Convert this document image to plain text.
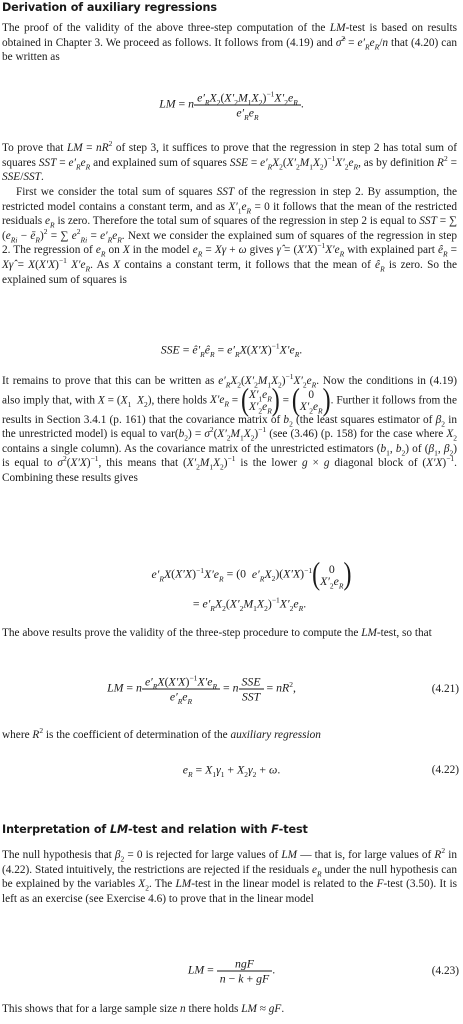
Derivation of auxiliary regressions
The proof of the validity of the above three-step computation of the LM-test is based on results obtained in Chapter 3. We proceed as follows. It follows from (4.19) and σ̂$^2$ = $e'_Re_R/n$ that (4.20) can be written as
LM = n $\frac{e'_RX_2(X'_2M_1X_2)^{-1}X'_2e_R}{e'_Re_R}$ .
To prove that LM = $nR^2$ of step 3, it suffices to prove that the regression in step 2 has total sum of squares SST = $e'_Re_R$ and explained sum of squares SSE = $e'_RX_2(X'_2M_1X_2)^{-1}X'_2e_R$, as by definition $R^2 = SSE/SST$.
First we consider the total sum of squares SST of the regression in step 2. By assumption, the restricted model contains a constant term, and as $X'_1e_R = 0$ it follows that the mean of the restricted residuals $e_R$ is zero. Therefore the total sum of squares of the regression in step 2 is equal to SST = ∑ ($e_{Ri}$ − $ē_R)^2$ = ∑ $e^2_{Ri} = e'_Re_R$. Next we consider the explained sum of squares of the regression in step 2. The regression of $e_R$ on X in the model $e_R = X\gamma + \omega$ gives γ̂ = $(X'X)^{-1}X'e_R$ with explained part $ê_R$ = Xγ̂ = $X(X'X)^{-1}$ $X'e_R$. As X contains a constant term, it follows that the mean of $ê_R$ is zero. So the explained sum of squares is
SSE = $ê'_Rê_R = e'_RX(X'X)^{-1}X'e_R$.
It remains to prove that this can be written as $e'_RX_2(X'_2M_1X_2)^{-1}X'_2e_R$. Now the conditions in (4.19) also imply that, with $X = (X_1$ $X_2$), there holds $X'e_R$ = ( $X'_1e_R$
$X'_2e_R$ ) = ( 0
$X'_2e_R$ ). Further it follows from the results in Section 3.4.1 (p. 161) that the covariance matrix of $b_2$ (the least squares estimator of $\beta_2$ in the unrestricted model) is equal to $var(b_2) = \sigma^2(X'_2M_1X_2)^{-1}$ (see (3.46) (p. 158) for the case where $X_2$ contains a single column). As the covariance matrix of the unrestricted estimators ($b_1$, $b_2$) of ($\beta_1$, $\beta_2$) is equal to $\sigma^2(X'X)^{-1}$, this means that $(X'_2M_1X_2)^{-1}$ is the lower g × g diagonal block of $(X'X)^{-1}$. Combining these results gives
$e'_RX(X'X)^{-1}X'e_R = (0$  $e'_RX_2)(X'X)^{-1}$( 0
$X'_2e_R$ )
= $e'_RX_2(X'_2M_1X_2)^{-1}X'_2e_R$.
The above results prove the validity of the three-step procedure to compute the LM-test, so that
LM = n $\frac{e'_RX(X'X)^{-1}X'e_R}{e'_Re_R} = n \frac{\text{SSE}}{\text{SST}} = nR^2$,	(4.21)
where $R^2$ is the coefficient of determination of the auxiliary regression
$e_R = X_1\gamma_1 + X_2\gamma_2 + \omega$.	(4.22)
Interpretation of LM-test and relation with F-test
The null hypothesis that $\beta_2 = 0$ is rejected for large values of LM — that is, for large values of $R^2$ in (4.22). Stated intuitively, the restrictions are rejected if the residuals $e_R$ under the null hypothesis can be explained by the variables $X_2$. The LM-test in the linear model is related to the F-test (3.50). It is left as an exercise (see Exercise 4.6) to prove that in the linear model
LM = $\frac{\text{ngF}}{n - k + gF}$ .	(4.23)
This shows that for a large sample size n there holds LM ≈ gF.
